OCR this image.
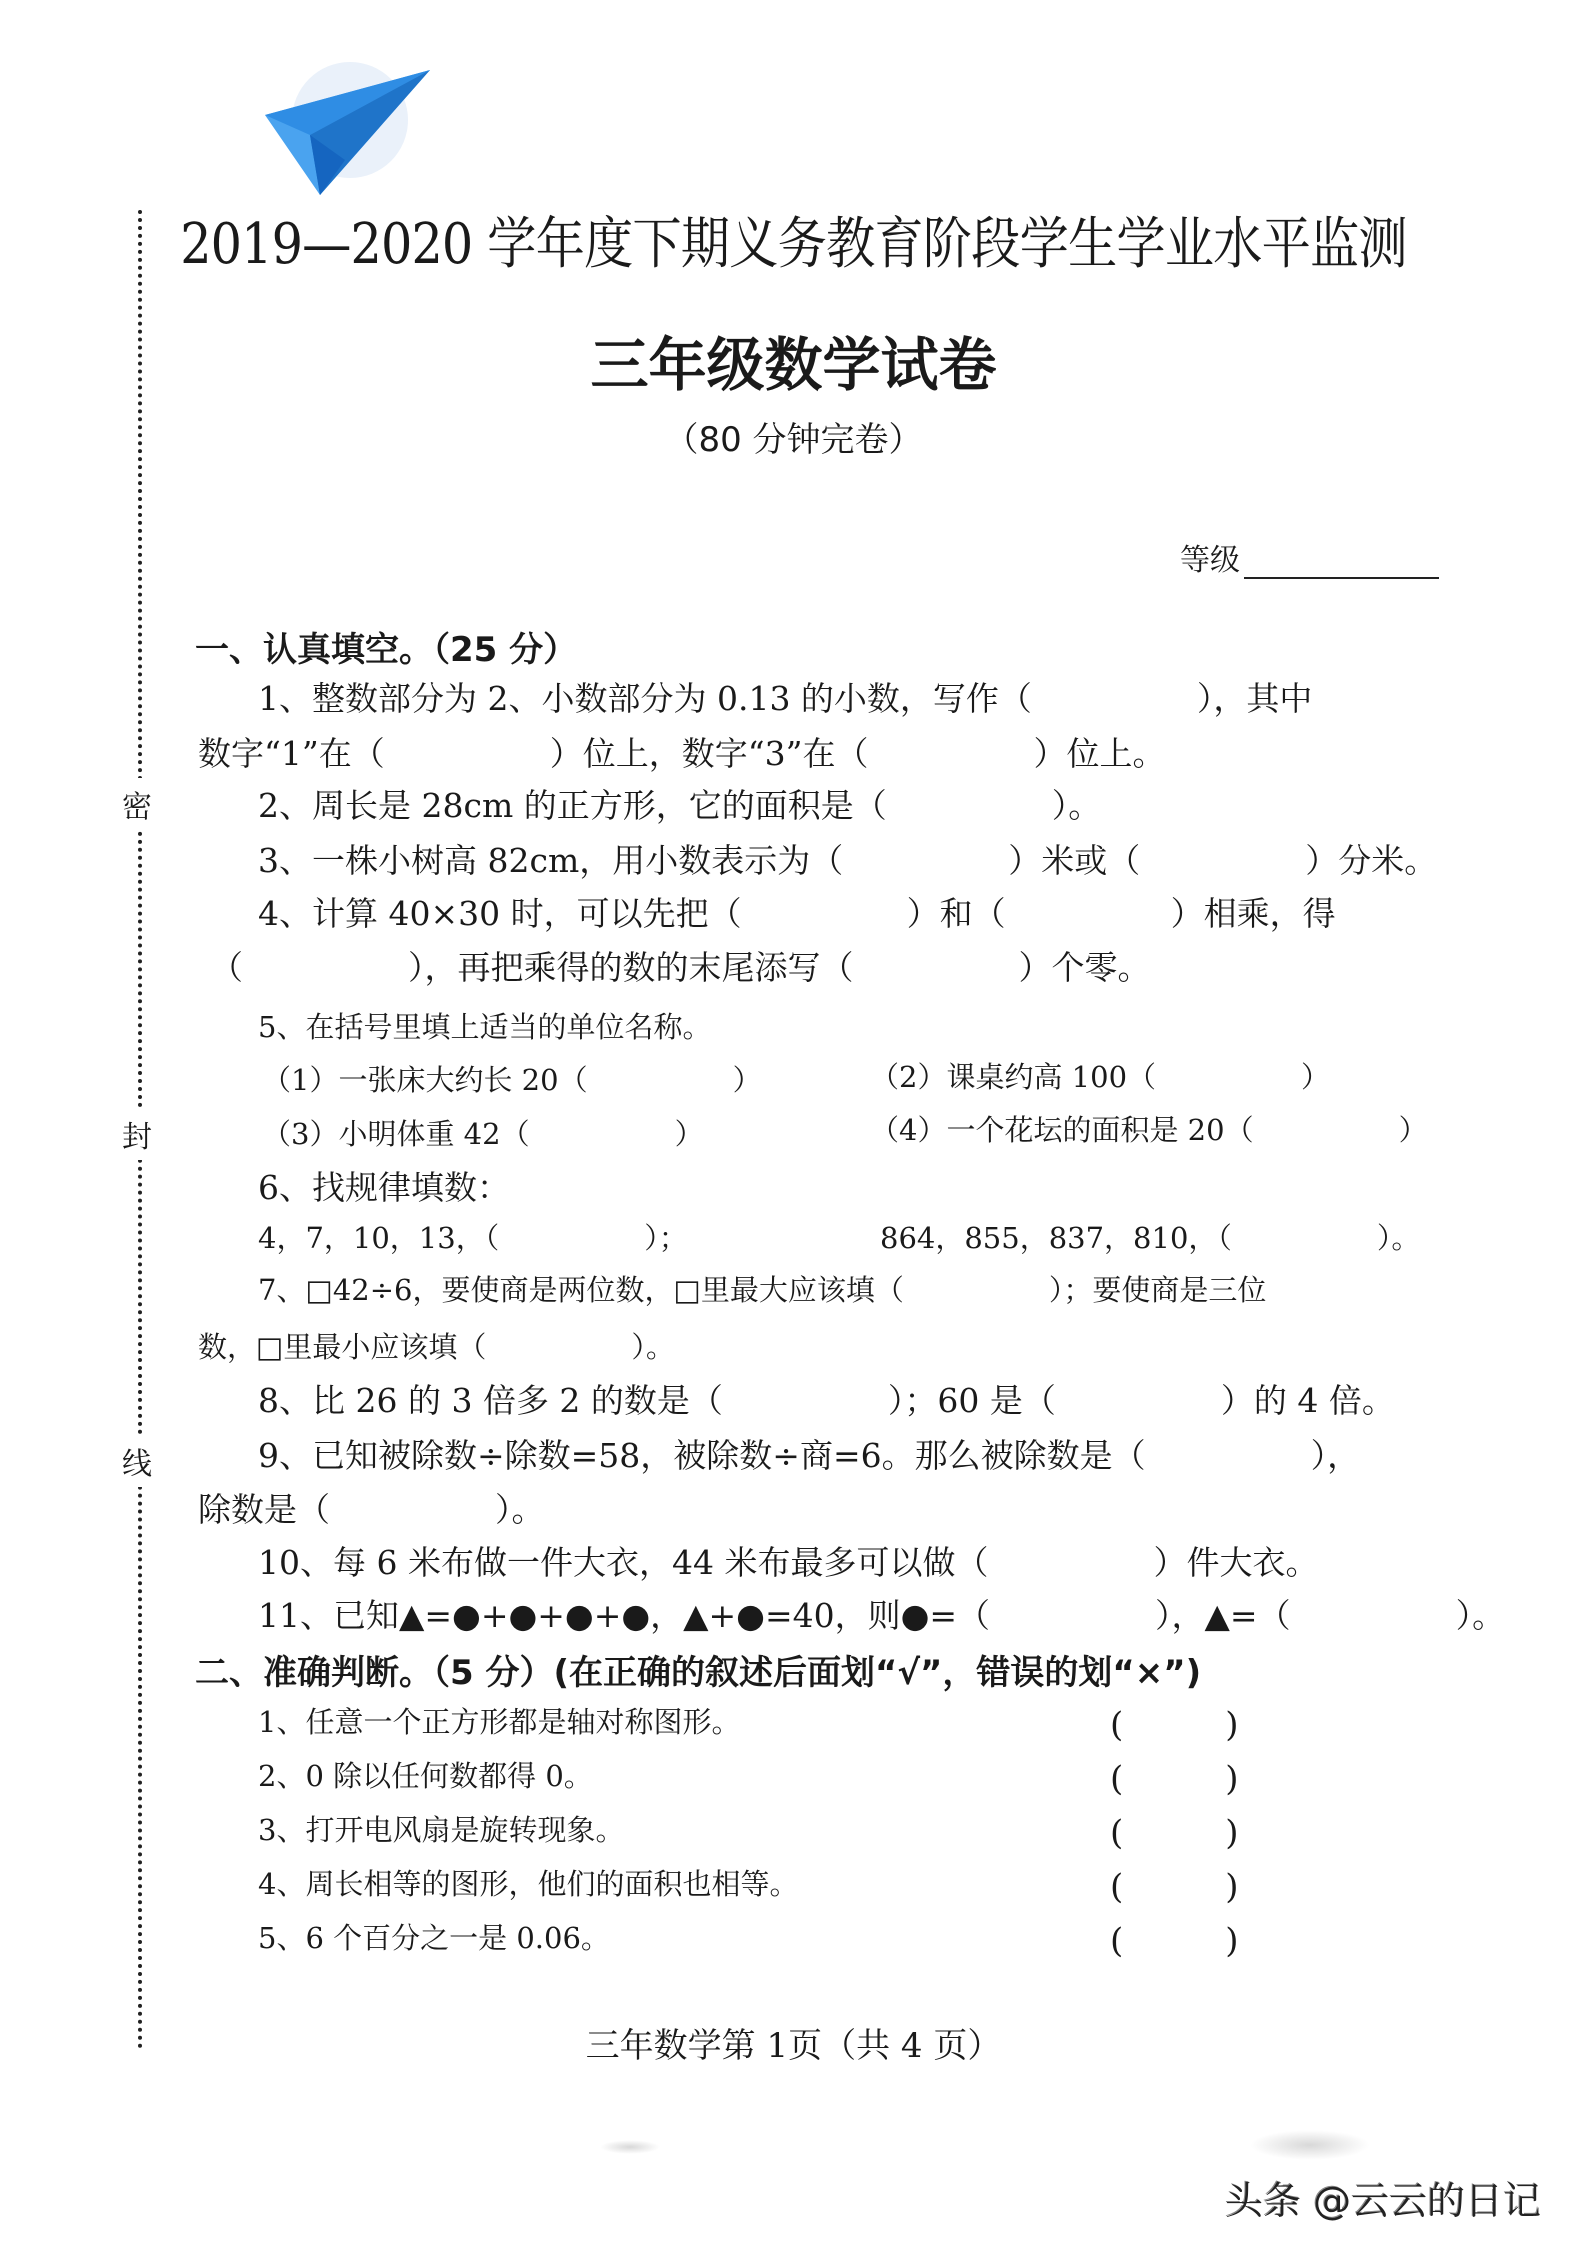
2019—2020 学年度下期义务教育阶段学生学业水平监测
三年级数学试卷
（80 分钟完卷）
等级
密
封
线
一、认真填空。（25 分）
1、整数部分为 2、小数部分为 0.13 的小数，写作（　　　　　），其中
数字“1”在（　　　　　）位上，数字“3”在（　　　　　）位上。
2、周长是 28cm 的正方形，它的面积是（　　　　　）。
3、一株小树高 82cm，用小数表示为（　　　　　）米或（　　　　　）分米。
4、计算 40×30 时，可以先把（　　　　　）和（　　　　　）相乘，得
（　　　　　），再把乘得的数的末尾添写（　　　　　）个零。
5、在括号里填上适当的单位名称。
（1）一张床大约长 20（　　　　　）	（2）课桌约高 100（　　　　　）
（3）小明体重 42（　　　　　）	（4）一个花坛的面积是 20（　　　　　）
6、找规律填数：
4，7，10，13，（　　　　　）；	864，855，837，810，（　　　　　）。
7、□42÷6，要使商是两位数，□里最大应该填（　　　　　）；要使商是三位
数，□里最小应该填（　　　　　）。
8、比 26 的 3 倍多 2 的数是（　　　　　）；60 是（　　　　　）的 4 倍。
9、已知被除数÷除数=58，被除数÷商=6。那么被除数是（　　　　　），
除数是（　　　　　）。
10、每 6 米布做一件大衣，44 米布最多可以做（　　　　　）件大衣。
11、已知▲=●+●+●+●，▲+●=40，则●=（　　　　　），▲=（　　　　　）。
二、准确判断。（5 分）(在正确的叙述后面划“√”，错误的划“×”)
1、任意一个正方形都是轴对称图形。	(　　　)
2、0 除以任何数都得 0。	(　　　)
3、打开电风扇是旋转现象。	(　　　)
4、周长相等的图形，他们的面积也相等。	(　　　)
5、6 个百分之一是 0.06。	(　　　)
三年数学第 1页（共 4 页）
头条 @云云的日记
